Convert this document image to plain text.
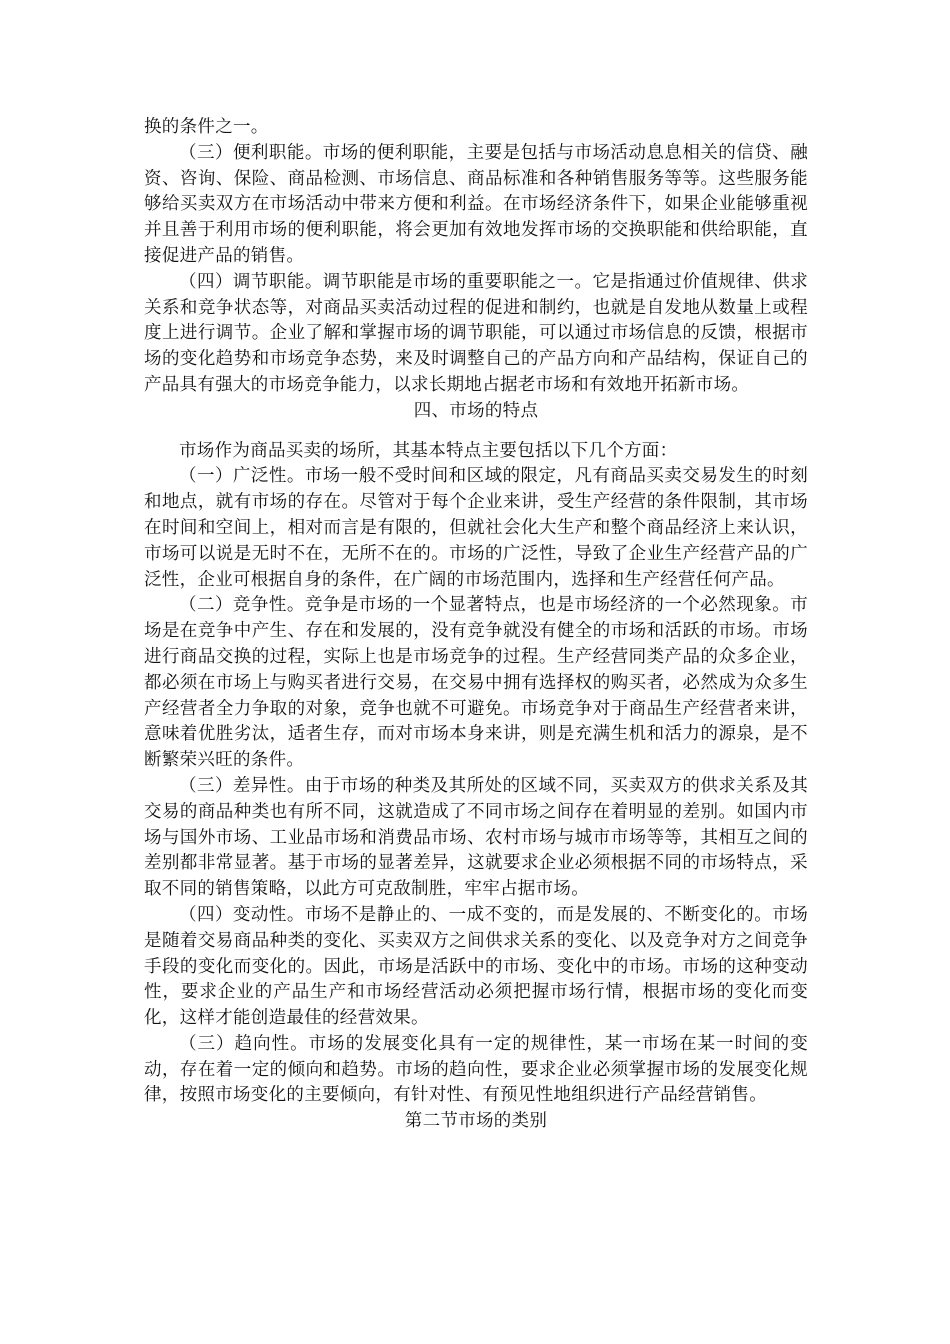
换的条件之一。

（三）便利职能。市场的便利职能，主要是包括与市场活动息息相关的信贷、融资、咨询、保险、商品检测、市场信息、商品标准和各种销售服务等等。这些服务能够给买卖双方在市场活动中带来方便和利益。在市场经济条件下，如果企业能够重视并且善于利用市场的便利职能，将会更加有效地发挥市场的交换职能和供给职能，直接促进产品的销售。

（四）调节职能。调节职能是市场的重要职能之一。它是指通过价值规律、供求关系和竞争状态等，对商品买卖活动过程的促进和制约，也就是自发地从数量上或程度上进行调节。企业了解和掌握市场的调节职能，可以通过市场信息的反馈，根据市场的变化趋势和市场竞争态势，来及时调整自己的产品方向和产品结构，保证自己的产品具有强大的市场竞争能力，以求长期地占据老市场和有效地开拓新市场。

四、市场的特点

市场作为商品买卖的场所，其基本特点主要包括以下几个方面：

（一）广泛性。市场一般不受时间和区域的限定，凡有商品买卖交易发生的时刻和地点，就有市场的存在。尽管对于每个企业来讲，受生产经营的条件限制，其市场在时间和空间上，相对而言是有限的，但就社会化大生产和整个商品经济上来认识，市场可以说是无时不在，无所不在的。市场的广泛性，导致了企业生产经营产品的广泛性，企业可根据自身的条件，在广阔的市场范围内，选择和生产经营任何产品。

（二）竞争性。竞争是市场的一个显著特点，也是市场经济的一个必然现象。市场是在竞争中产生、存在和发展的，没有竞争就没有健全的市场和活跃的市场。市场进行商品交换的过程，实际上也是市场竞争的过程。生产经营同类产品的众多企业，都必须在市场上与购买者进行交易，在交易中拥有选择权的购买者，必然成为众多生产经营者全力争取的对象，竞争也就不可避免。市场竞争对于商品生产经营者来讲，意味着优胜劣汰，适者生存，而对市场本身来讲，则是充满生机和活力的源泉，是不断繁荣兴旺的条件。

（三）差异性。由于市场的种类及其所处的区域不同，买卖双方的供求关系及其交易的商品种类也有所不同，这就造成了不同市场之间存在着明显的差别。如国内市场与国外市场、工业品市场和消费品市场、农村市场与城市市场等等，其相互之间的差别都非常显著。基于市场的显著差异，这就要求企业必须根据不同的市场特点，采取不同的销售策略，以此方可克敌制胜，牢牢占据市场。

（四）变动性。市场不是静止的、一成不变的，而是发展的、不断变化的。市场是随着交易商品种类的变化、买卖双方之间供求关系的变化、以及竞争对方之间竞争手段的变化而变化的。因此，市场是活跃中的市场、变化中的市场。市场的这种变动性，要求企业的产品生产和市场经营活动必须把握市场行情，根据市场的变化而变化，这样才能创造最佳的经营效果。

（三）趋向性。市场的发展变化具有一定的规律性，某一市场在某一时间的变动，存在着一定的倾向和趋势。市场的趋向性，要求企业必须掌握市场的发展变化规律，按照市场变化的主要倾向，有针对性、有预见性地组织进行产品经营销售。

第二节市场的类别
